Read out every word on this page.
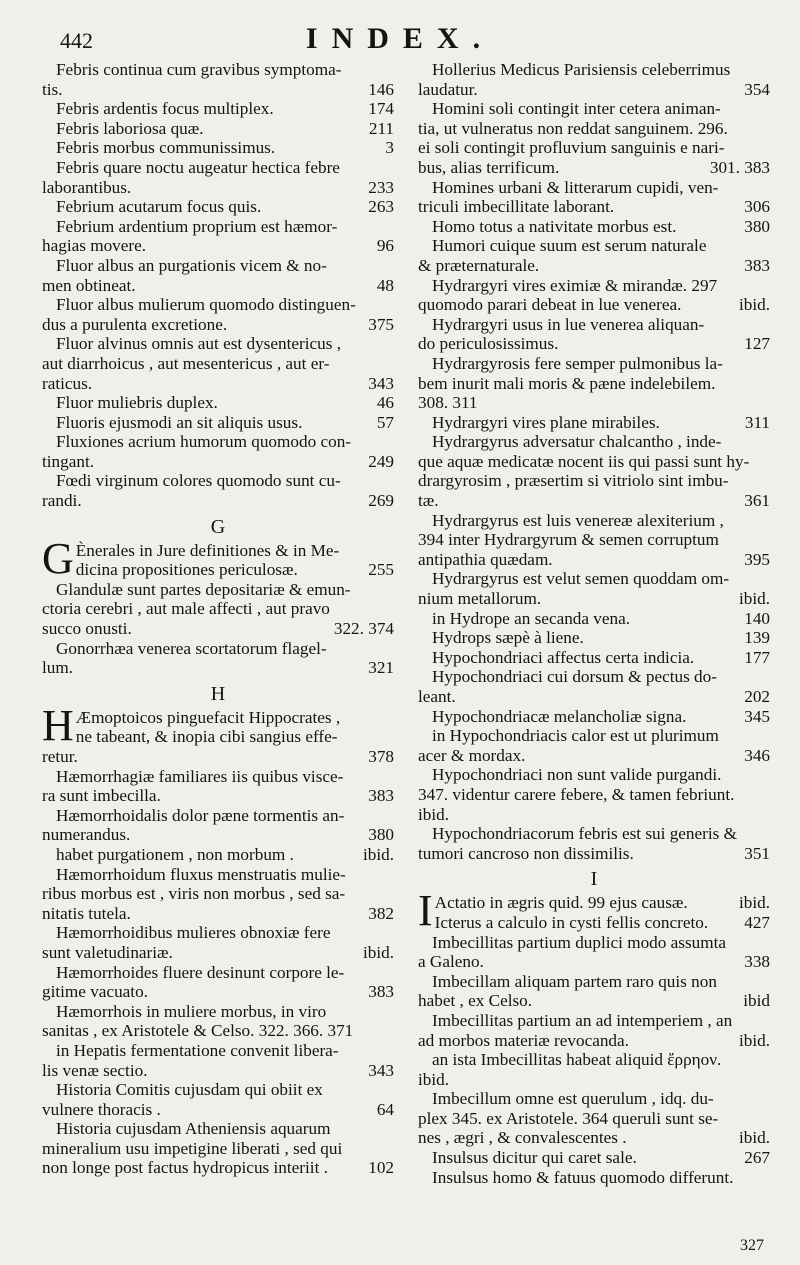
442	INDEX.
Febris continua cum gravibus symptoma-
tis.	146
Febris ardentis focus multiplex.	174
Febris laboriosa quæ.	211
Febris morbus communissimus.	3
Febris quare noctu augeatur hectica febre
laborantibus.	233
Febrium acutarum focus quis.	263
Febrium ardentium proprium est hæmor-
hagias movere.	96
Fluor albus an purgationis vicem & no-
men obtineat.	48
Fluor albus mulierum quomodo distinguen-
dus a purulenta excretione.	375
Fluor alvinus omnis aut est dysentericus ,
aut diarrhoicus , aut mesentericus , aut er-
raticus.	343
Fluor muliebris duplex.	46
Fluoris ejusmodi an sit aliquis usus.	57
Fluxiones acrium humorum quomodo con-
tingant.	249
Fœdi virginum colores quomodo sunt cu-
randi.	269
G
G Ènerales in Jure definitiones & in Me-
dicina propositiones periculosæ.	255
Glandulæ sunt partes depositariæ & emun-
ctoria cerebri , aut male affecti , aut pravo
succo onusti.	322. 374
Gonorrhæa venerea scortatorum flagel-
lum.	321
H
H Æmoptoicos pinguefacit Hippocrates ,
ne tabeant, & inopia cibi sangius effe-
retur.	378
Hæmorrhagiæ familiares iis quibus visce-
ra sunt imbecilla.	383
Hæmorrhoidalis dolor pæne tormentis an-
numerandus.	380
habet purgationem , non morbum .	ibid.
Hæmorrhoidum fluxus menstruatis mulie-
ribus morbus est , viris non morbus , sed sa-
nitatis tutela.	382
Hæmorrhoidibus mulieres obnoxiæ fere
sunt valetudinariæ.	ibid.
Hæmorrhoides fluere desinunt corpore le-
gitime vacuato.	383
Hæmorrhois in muliere morbus, in viro
sanitas , ex Aristotele & Celso. 322. 366. 371
in Hepatis fermentatione convenit libera-
lis venæ sectio.	343
Historia Comitis cujusdam qui obiit ex
vulnere thoracis .	64
Historia cujusdam Atheniensis aquarum
mineralium usu impetigine liberati , sed qui
non longe post factus hydropicus interiit . 102
Hollerius Medicus Parisiensis celeberrimus
laudatur.	354
Homini soli contingit inter cetera animan-
tia, ut vulneratus non reddat sanguinem. 296.
ei soli contingit profluvium sanguinis e nari-
bus, alias terrificum.	301. 383
Homines urbani & litterarum cupidi, ven-
triculi imbecillitate laborant.	306
Homo totus a nativitate morbus est.	380
Humori cuique suum est serum naturale
& præternaturale.	383
Hydrargyri vires eximiæ & mirandæ. 297
quomodo parari debeat in lue venerea.	ibid.
Hydrargyri usus in lue venerea aliquan-
do periculosissimus.	127
Hydrargyrosis fere semper pulmonibus la-
bem inurit mali moris & pæne indelebilem.
308. 311
Hydrargyri vires plane mirabiles.	311
Hydrargyrus adversatur chalcantho , inde-
que aquæ medicatæ nocent iis qui passi sunt hy-
drargyrosim , præsertim si vitriolo sint imbu-
tæ.	361
Hydrargyrus est luis venereæ alexiterium ,
394 inter Hydrargyrum & semen corruptum
antipathia quædam.	395
Hydrargyrus est velut semen quoddam om-
nium metallorum.	ibid.
in Hydrope an secanda vena.	140
Hydrops sæpè à liene.	139
Hypochondriaci affectus certa indicia.	177
Hypochondriaci cui dorsum & pectus do-
leant.	202
Hypochondriacæ melancholiæ signa.	345
in Hypochondriacis calor est ut plurimum
acer & mordax.	346
Hypochondriaci non sunt valide purgandi.
347. videntur carere febere, & tamen febriunt.
ibid.
Hypochondriacorum febris est sui generis &
tumori cancroso non dissimilis.	351
I
I Actatio in ægris quid. 99 ejus causæ.	ibid.
Icterus a calculo in cysti fellis concreto. 427
Imbecillitas partium duplici modo assumta
a Galeno.	338
Imbecillam aliquam partem raro quis non
habet , ex Celso.	ibid
Imbecillitas partium an ad intemperiem , an
ad morbos materiæ revocanda.	ibid.
an ista Imbecillitas habeat aliquid ἔρρηον.
ibid.
Imbecillum omne est querulum , idq. du-
plex 345. ex Aristotele. 364 queruli sunt se-
nes , ægri , & convalescentes .	ibid.
Insulsus dicitur qui caret sale.	267
Insulsus homo & fatuus quomodo differunt.
327
